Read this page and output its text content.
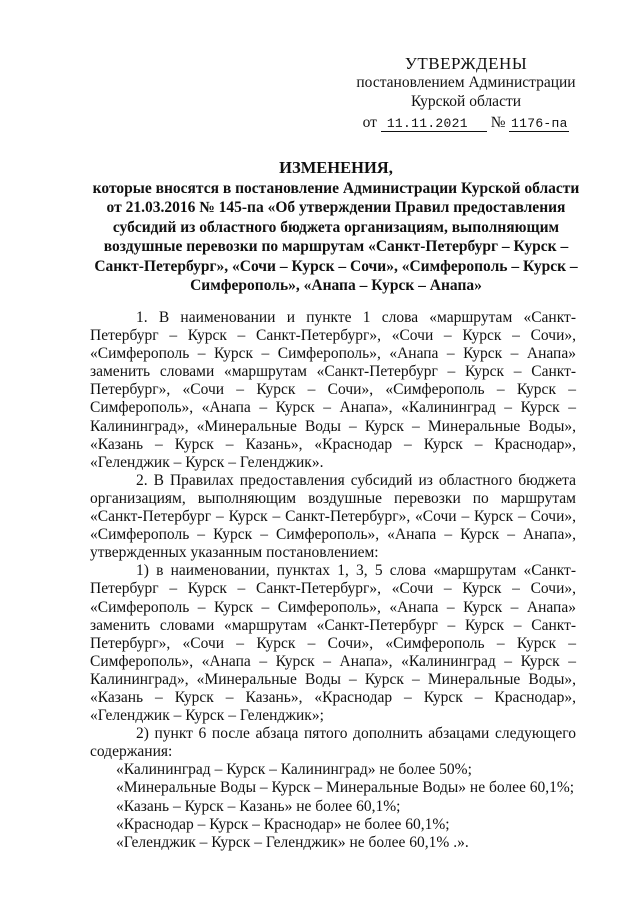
УТВЕРЖДЕНЫ
постановлением Администрации
Курской области
от 11.11.2021 № 1176-па
ИЗМЕНЕНИЯ,
которые вносятся в постановление Администрации Курской области
от 21.03.2016 № 145-па «Об утверждении Правил предоставления
субсидий из областного бюджета организациям, выполняющим
воздушные перевозки по маршрутам «Санкт-Петербург – Курск –
Санкт-Петербург», «Сочи – Курск – Сочи», «Симферополь – Курск –
Симферополь», «Анапа – Курск – Анапа»

1. В наименовании и пункте 1 слова «маршрутам «Санкт-Петербург – Курск – Санкт-Петербург», «Сочи – Курск – Сочи», «Симферополь – Курск – Симферополь», «Анапа – Курск – Анапа» заменить словами «маршрутам «Санкт-Петербург – Курск – Санкт-Петербург», «Сочи – Курск – Сочи», «Симферополь – Курск – Симферополь», «Анапа – Курск – Анапа», «Калининград – Курск – Калининград», «Минеральные Воды – Курск – Минеральные Воды», «Казань – Курск – Казань», «Краснодар – Курск – Краснодар», «Геленджик – Курск – Геленджик».

2. В Правилах предоставления субсидий из областного бюджета организациям, выполняющим воздушные перевозки по маршрутам «Санкт-Петербург – Курск – Санкт-Петербург», «Сочи – Курск – Сочи», «Симферополь – Курск – Симферополь», «Анапа – Курск – Анапа», утвержденных указанным постановлением:

1) в наименовании, пунктах 1, 3, 5 слова «маршрутам «Санкт-Петербург – Курск – Санкт-Петербург», «Сочи – Курск – Сочи», «Симферополь – Курск – Симферополь», «Анапа – Курск – Анапа» заменить словами «маршрутам «Санкт-Петербург – Курск – Санкт-Петербург», «Сочи – Курск – Сочи», «Симферополь – Курск – Симферополь», «Анапа – Курск – Анапа», «Калининград – Курск – Калининград», «Минеральные Воды – Курск – Минеральные Воды», «Казань – Курск – Казань», «Краснодар – Курск – Краснодар», «Геленджик – Курск – Геленджик»;

2) пункт 6 после абзаца пятого дополнить абзацами следующего содержания:

«Калининград – Курск – Калининград» не более 50%;

«Минеральные Воды – Курск – Минеральные Воды» не более 60,1%;

«Казань – Курск – Казань» не более 60,1%;

«Краснодар – Курск – Краснодар» не более 60,1%;

«Геленджик – Курск – Геленджик» не более 60,1% .».
